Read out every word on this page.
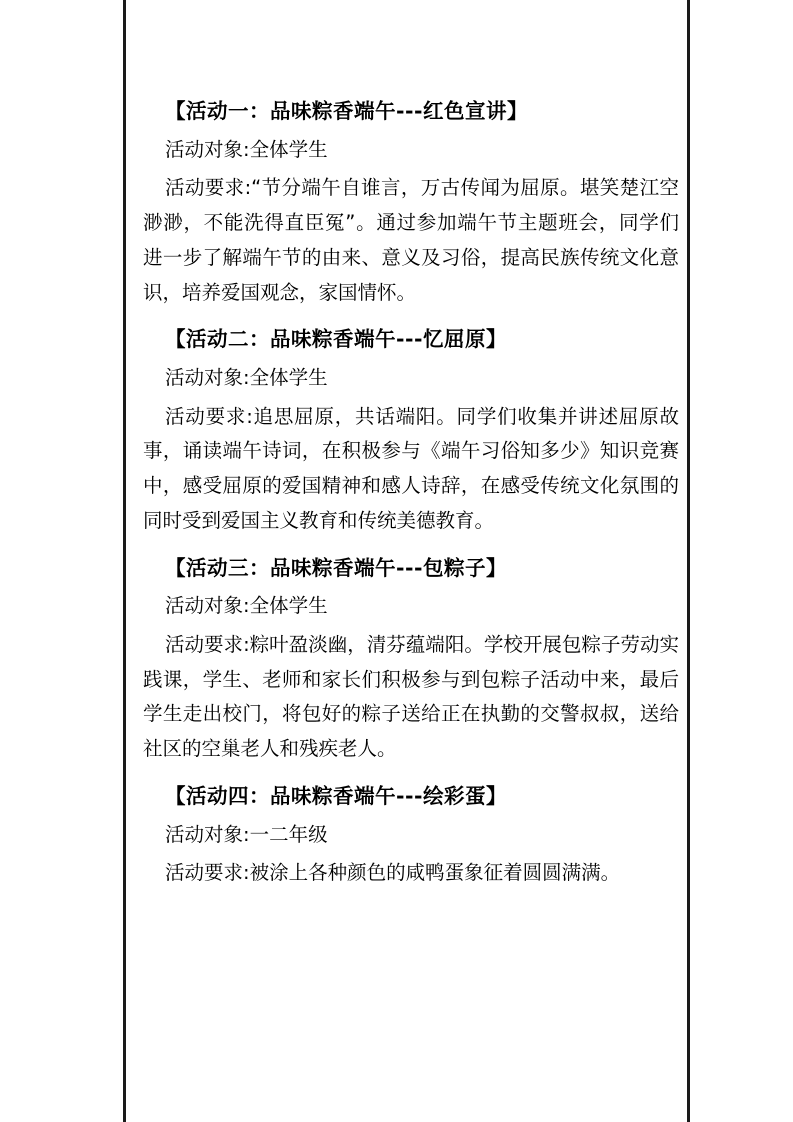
【活动一：品味粽香端午---红色宣讲】

活动对象:全体学生

活动要求:“节分端午自谁言，万古传闻为屈原。堪笑楚江空渺渺，不能洗得直臣冤”。通过参加端午节主题班会，同学们进一步了解端午节的由来、意义及习俗，提高民族传统文化意识，培养爱国观念，家国情怀。

【活动二：品味粽香端午---忆屈原】

活动对象:全体学生

活动要求:追思屈原，共话端阳。同学们收集并讲述屈原故事，诵读端午诗词，在积极参与《端午习俗知多少》知识竞赛中，感受屈原的爱国精神和感人诗辞，在感受传统文化氛围的同时受到爱国主义教育和传统美德教育。

【活动三：品味粽香端午---包粽子】

活动对象:全体学生

活动要求:粽叶盈淡幽，清芬蕴端阳。学校开展包粽子劳动实践课，学生、老师和家长们积极参与到包粽子活动中来，最后学生走出校门，将包好的粽子送给正在执勤的交警叔叔，送给社区的空巢老人和残疾老人。

【活动四：品味粽香端午---绘彩蛋】

活动对象:一二年级

活动要求:被涂上各种颜色的咸鸭蛋象征着圆圆满满。
